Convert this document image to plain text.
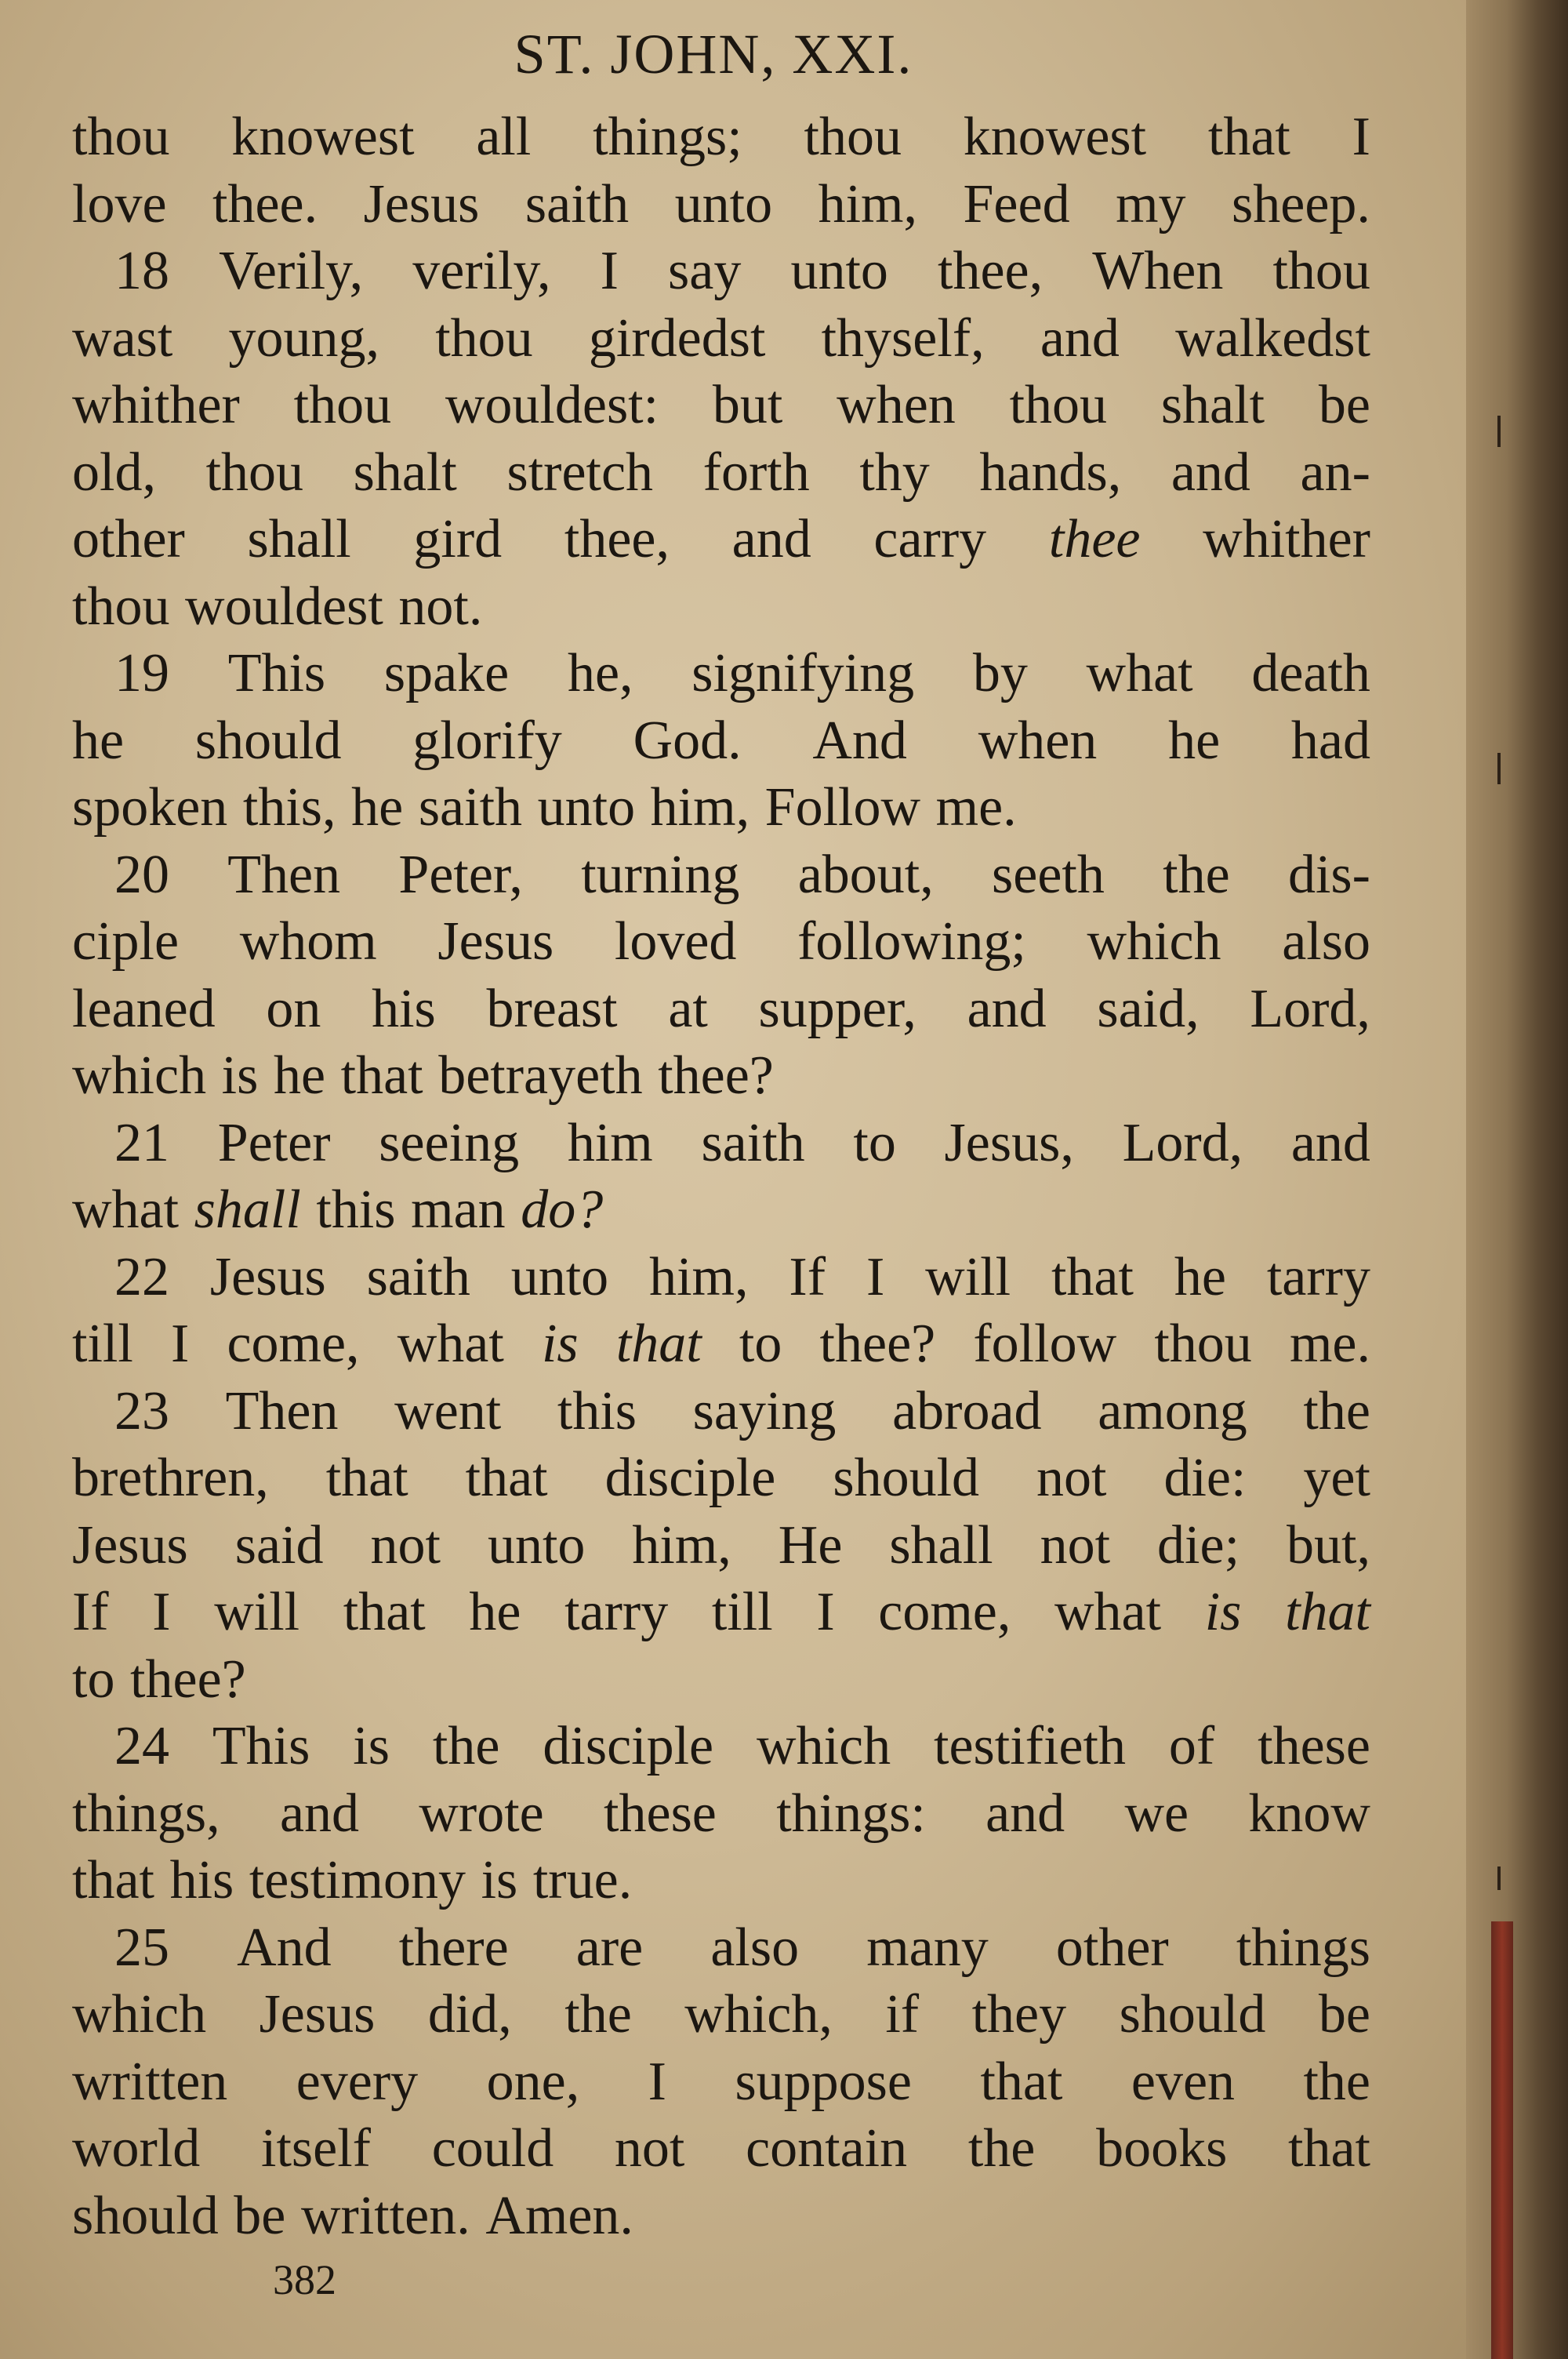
ST. JOHN, XXI.
thou knowest all things; thou knowest that I
love thee. Jesus saith unto him, Feed my sheep.
18 Verily, verily, I say unto thee, When thou
wast young, thou girdedst thyself, and walkedst
whither thou wouldest: but when thou shalt be
old, thou shalt stretch forth thy hands, and an-
other shall gird thee, and carry thee whither
thou wouldest not.
19 This spake he, signifying by what death
he should glorify God. And when he had
spoken this, he saith unto him, Follow me.
20 Then Peter, turning about, seeth the dis-
ciple whom Jesus loved following; which also
leaned on his breast at supper, and said, Lord,
which is he that betrayeth thee?
21 Peter seeing him saith to Jesus, Lord, and
what shall this man do?
22 Jesus saith unto him, If I will that he tarry
till I come, what is that to thee? follow thou me.
23 Then went this saying abroad among the
brethren, that that disciple should not die: yet
Jesus said not unto him, He shall not die; but,
If I will that he tarry till I come, what is that
to thee?
24 This is the disciple which testifieth of these
things, and wrote these things: and we know
that his testimony is true.
25 And there are also many other things
which Jesus did, the which, if they should be
written every one, I suppose that even the
world itself could not contain the books that
should be written. Amen.
382
